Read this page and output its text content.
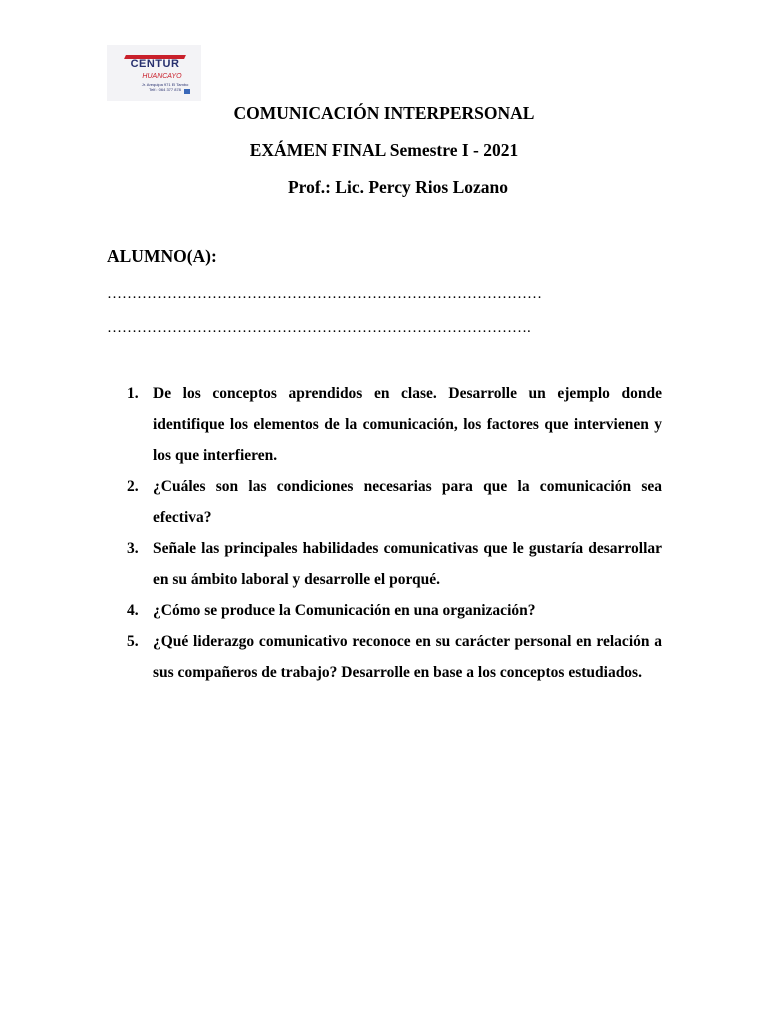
CENTUR
HUANCAYO
Jr. Arequipa 971 El Tambo
Telf.: 064 377 878
COMUNICACIÓN INTERPERSONAL
EXÁMEN FINAL Semestre I - 2021
Prof.: Lic. Percy Rios Lozano
ALUMNO(A):
……………………………………………………………………………
………………………………………………………………………….
1. De los conceptos aprendidos en clase. Desarrolle un ejemplo donde identifique los elementos de la comunicación, los factores que intervienen y los que interfieren.
2. ¿Cuáles son las condiciones necesarias para que la comunicación sea efectiva?
3. Señale las principales habilidades comunicativas que le gustaría desarrollar en su ámbito laboral y desarrolle el porqué.
4. ¿Cómo se produce la Comunicación en una organización?
5. ¿Qué liderazgo comunicativo reconoce en su carácter personal en relación a sus compañeros de trabajo? Desarrolle en base a los conceptos estudiados.
